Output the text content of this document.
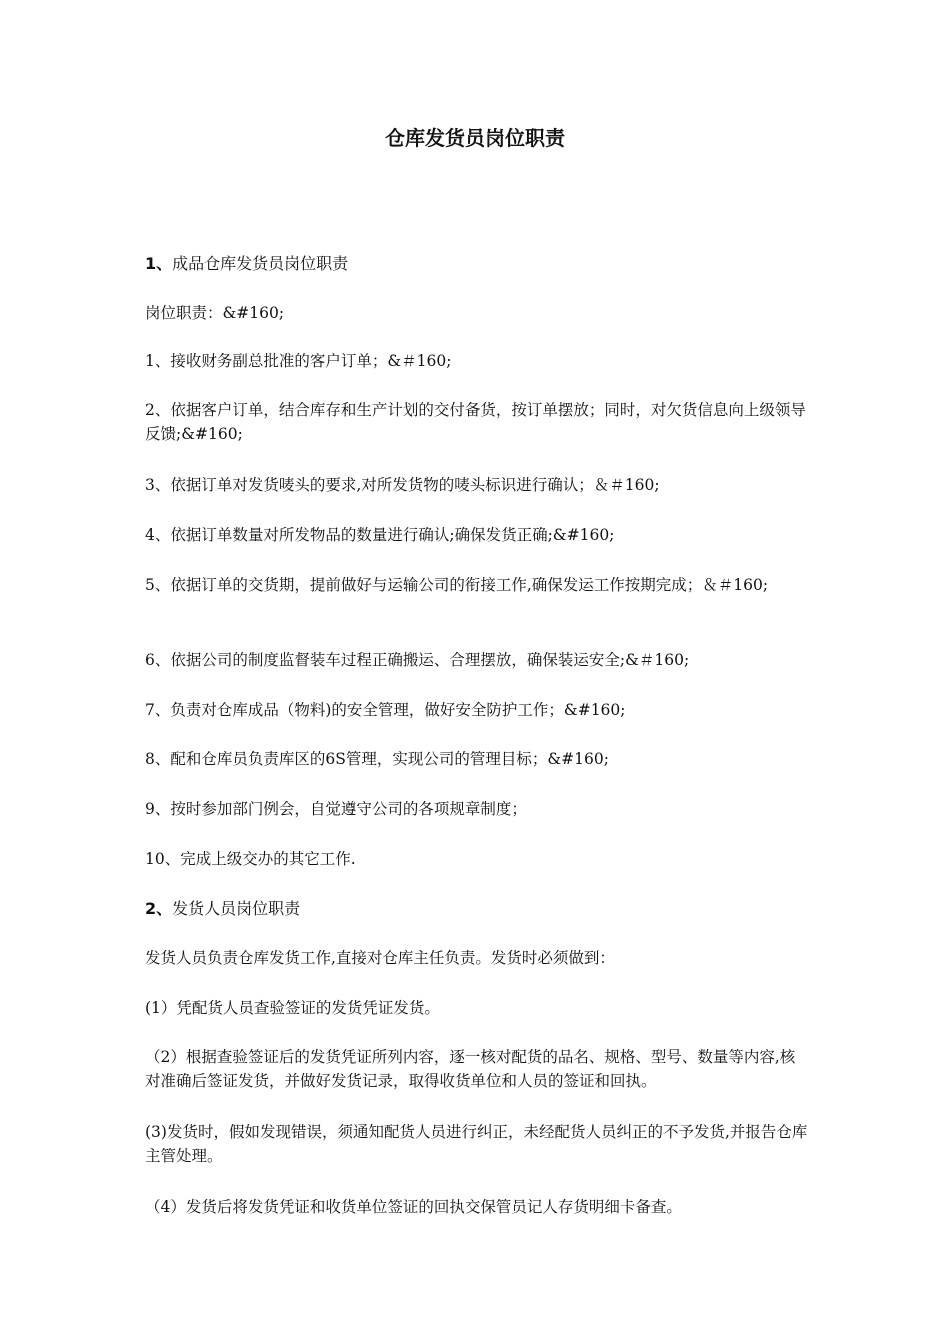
仓库发货员岗位职责
1、成品仓库发货员岗位职责
岗位职责：&#160;
1、接收财务副总批准的客户订单；&＃160;
2、依据客户订单，结合库存和生产计划的交付备货，按订单摆放；同时，对欠货信息向上级领导反馈;&#160;
3、依据订单对发货唛头的要求,对所发货物的唛头标识进行确认；＆＃160;
4、依据订单数量对所发物品的数量进行确认;确保发货正确;&#160;
5、依据订单的交货期，提前做好与运输公司的衔接工作,确保发运工作按期完成；＆＃160;
6、依据公司的制度监督装车过程正确搬运、合理摆放，确保装运安全;&＃160;
7、负责对仓库成品（物料)的安全管理，做好安全防护工作；&#160;
8、配和仓库员负责库区的6S管理，实现公司的管理目标；&#160;
9、按时参加部门例会，自觉遵守公司的各项规章制度；
10、完成上级交办的其它工作.
2、发货人员岗位职责
发货人员负责仓库发货工作,直接对仓库主任负责。发货时必须做到：
(1）凭配货人员查验签证的发货凭证发货。
（2）根据查验签证后的发货凭证所列内容，逐一核对配货的品名、规格、型号、数量等内容,核对准确后签证发货，并做好发货记录，取得收货单位和人员的签证和回执。
(3)发货时，假如发现错误，须通知配货人员进行纠正，未经配货人员纠正的不予发货,并报告仓库主管处理。
（4）发货后将发货凭证和收货单位签证的回执交保管员记人存货明细卡备查。
